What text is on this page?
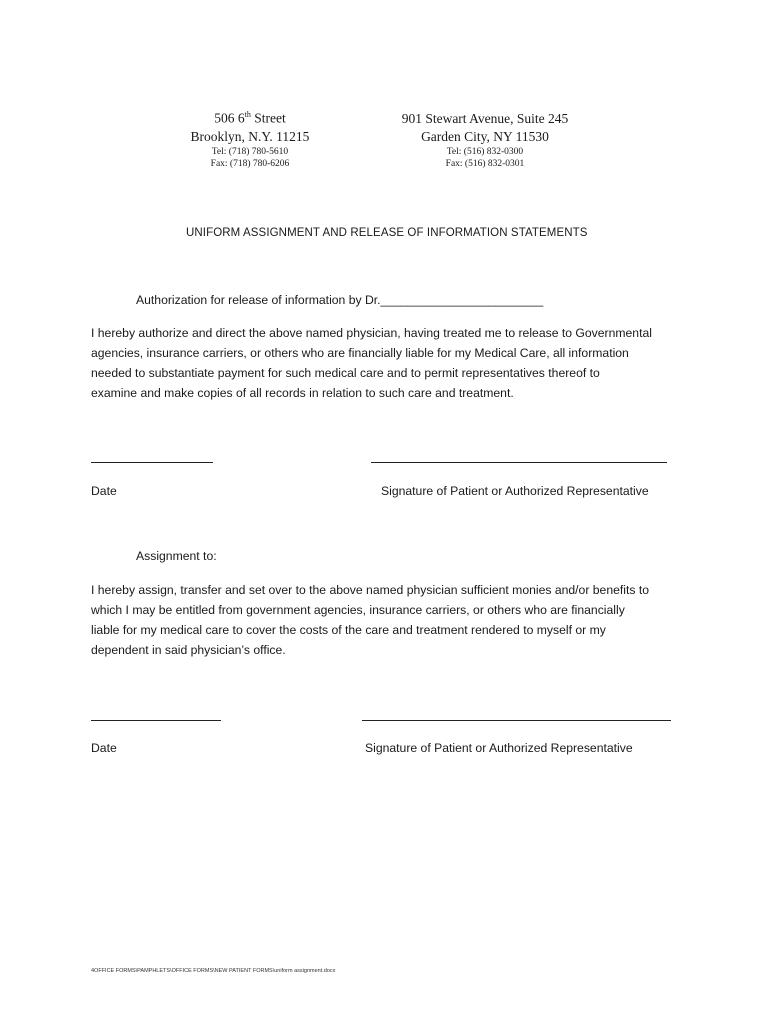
506 6th Street
Brooklyn, N.Y. 11215
Tel: (718) 780-5610
Fax: (718) 780-6206
901 Stewart Avenue, Suite 245
Garden City, NY 11530
Tel: (516) 832-0300
Fax: (516) 832-0301
UNIFORM ASSIGNMENT AND RELEASE OF INFORMATION STATEMENTS
Authorization for release of information by Dr.________________________
I hereby authorize and direct the above named physician, having treated me to release to Governmental
agencies, insurance carriers, or others who are financially liable for my Medical Care, all information
needed to substantiate payment for such medical care and to permit representatives thereof to
examine and make copies of all records in relation to such care and treatment.
Date	Signature of Patient or Authorized Representative
Assignment to:
I hereby assign, transfer and set over to the above named physician sufficient monies and/or benefits to
which I may be entitled from government agencies, insurance carriers, or others who are financially
liable for my medical care to cover the costs of the care and treatment rendered to myself or my
dependent in said physician’s office.
Date	Signature of Patient or Authorized Representative
4OFFICE FORMS\PAMPHLETS\OFFICE FORMS\NEW PATIENT FORMS\uniform assignment.docx
